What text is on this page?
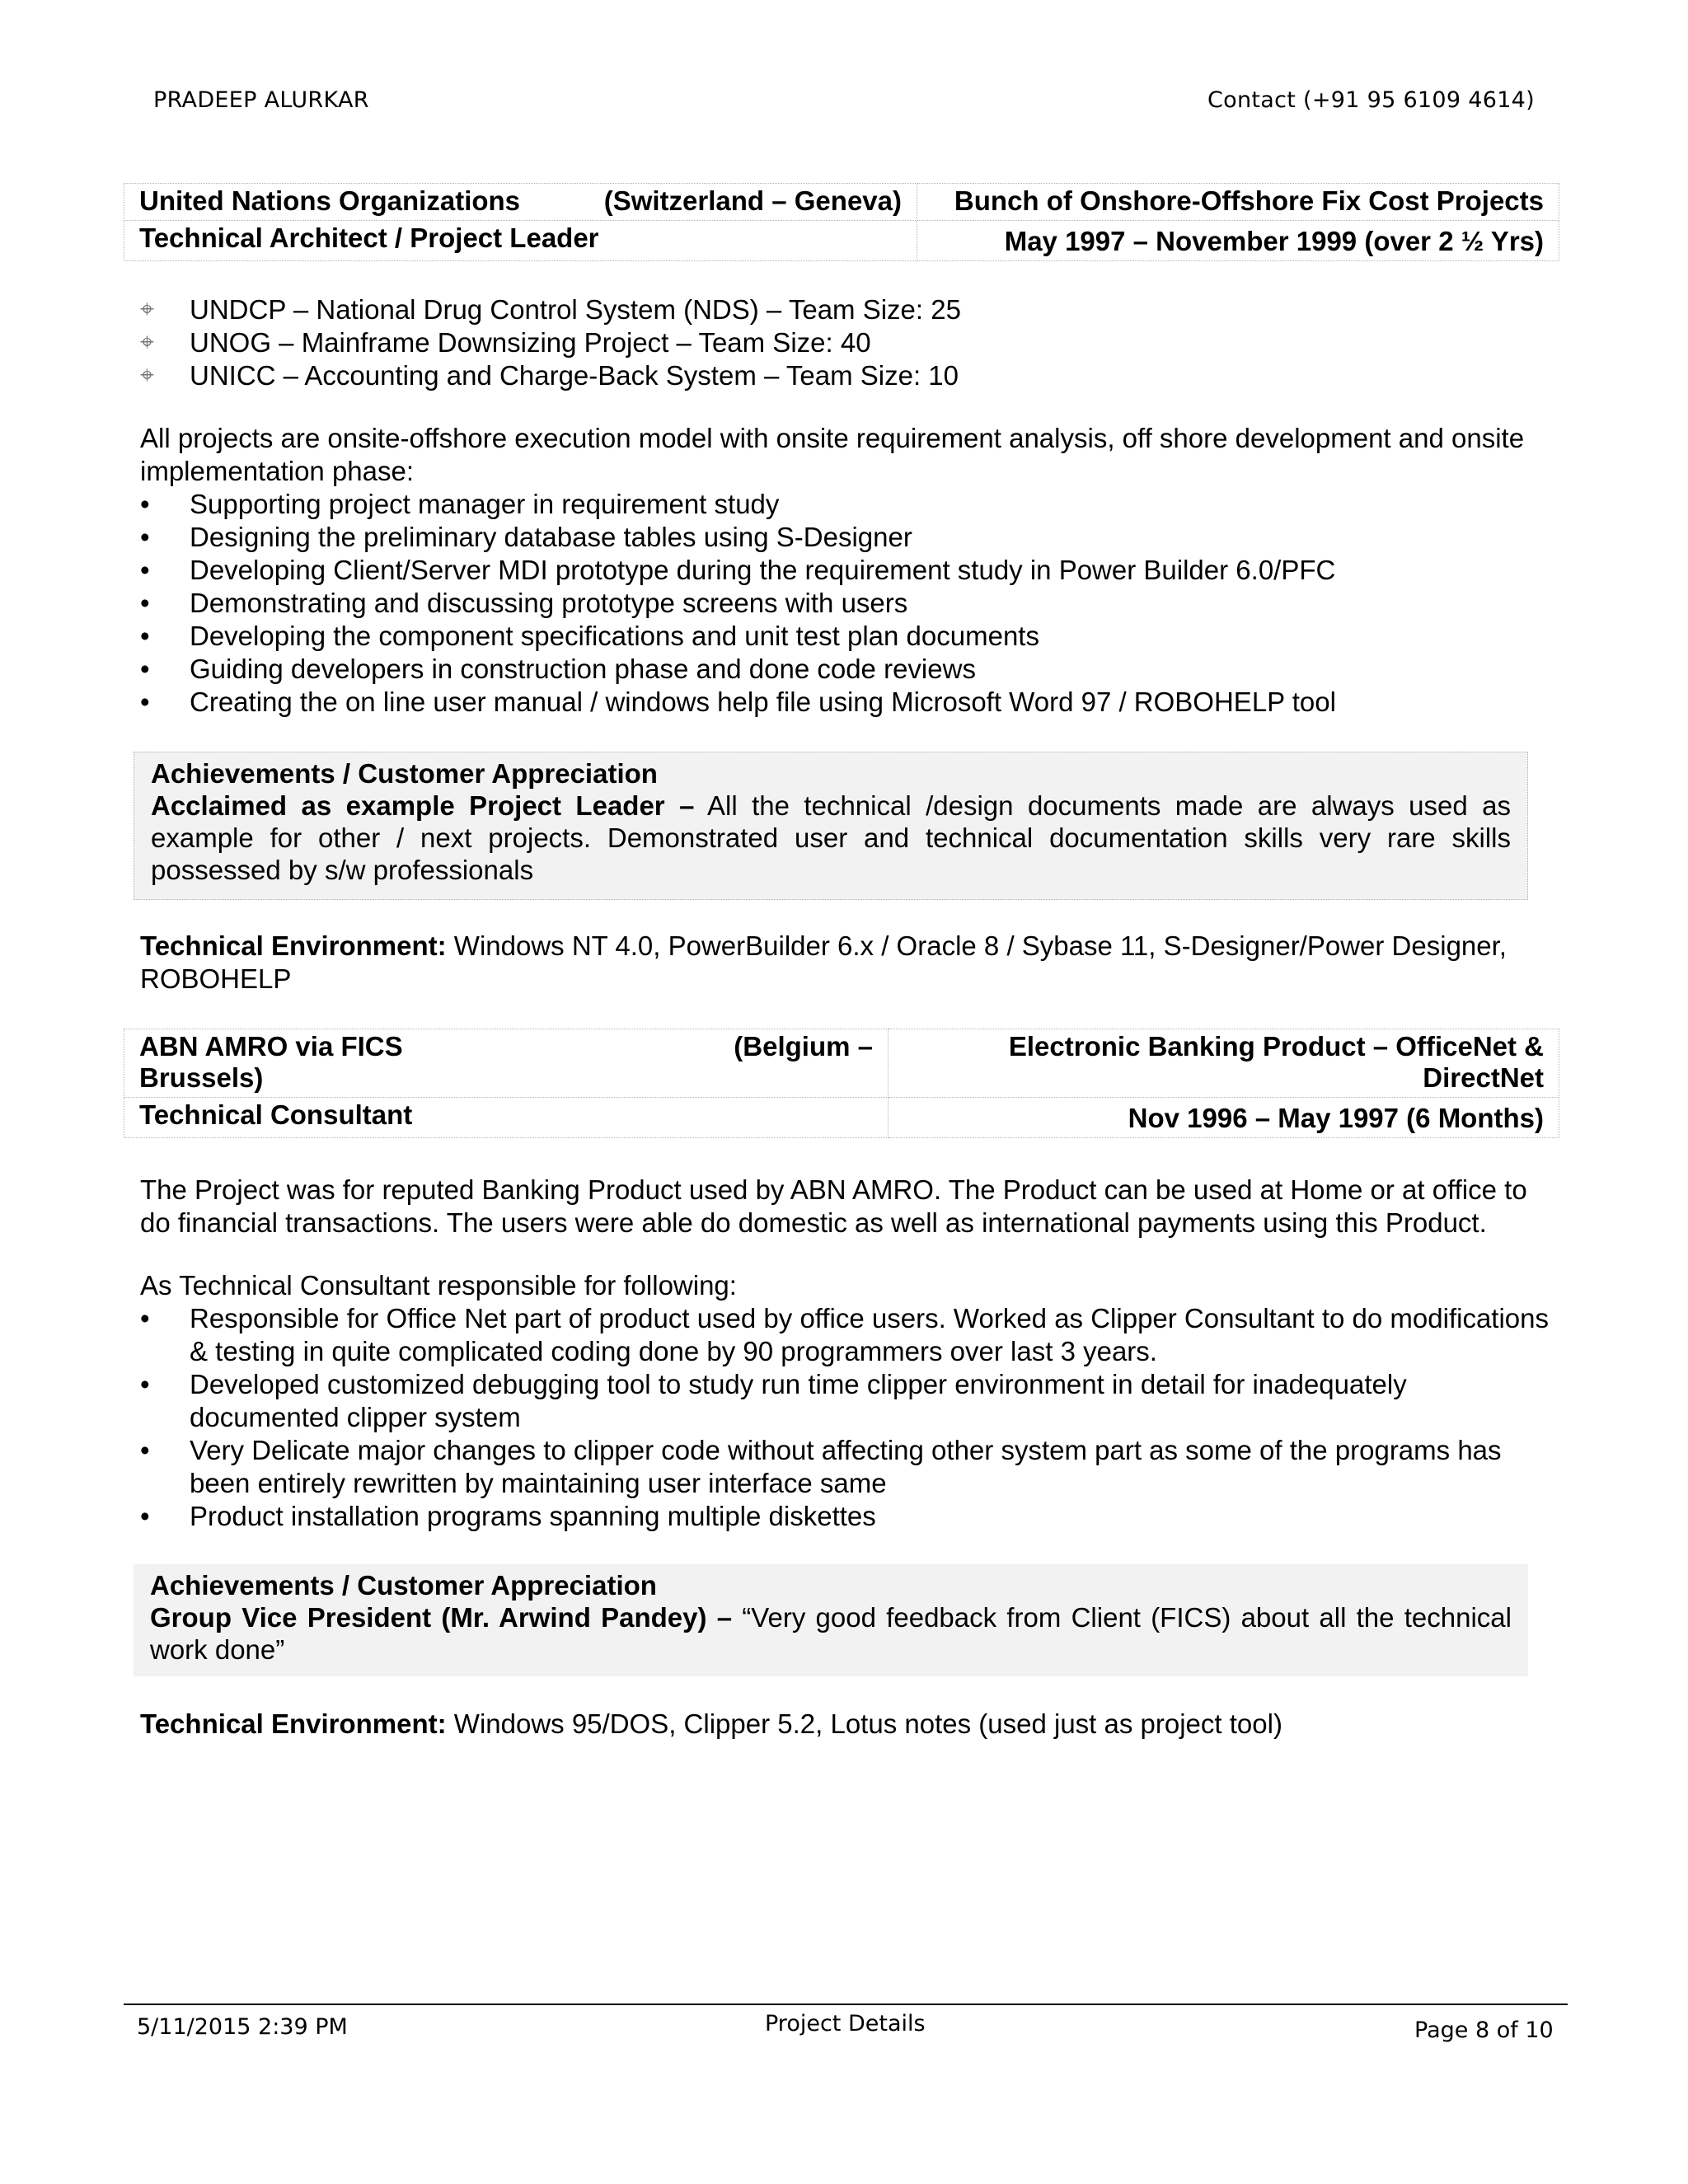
PRADEEP ALURKAR	Contact (+91 95 6109 4614)
United Nations Organizations (Switzerland – Geneva)	Bunch of Onshore-Offshore Fix Cost Projects
Technical Architect / Project Leader	May 1997 – November 1999 (over 2 ½ Yrs)
⌖	UNDCP – National Drug Control System (NDS) – Team Size: 25
⌖	UNOG – Mainframe Downsizing Project – Team Size: 40
⌖	UNICC – Accounting and Charge-Back System – Team Size: 10
All projects are onsite-offshore execution model with onsite requirement analysis, off shore development and onsite implementation phase:
•	Supporting project manager in requirement study
•	Designing the preliminary database tables using S-Designer
•	Developing Client/Server MDI prototype during the requirement study in Power Builder 6.0/PFC
•	Demonstrating and discussing prototype screens with users
•	Developing the component specifications and unit test plan documents
•	Guiding developers in construction phase and done code reviews
•	Creating the on line user manual / windows help file using Microsoft Word 97 / ROBOHELP tool
Achievements / Customer Appreciation
Acclaimed as example Project Leader – All the technical /design documents made are always used as example for other / next projects. Demonstrated user and technical documentation skills very rare skills possessed by s/w professionals
Technical Environment: Windows NT 4.0, PowerBuilder 6.x / Oracle 8 / Sybase 11, S-Designer/Power Designer, ROBOHELP
ABN AMRO via FICS (Belgium –
Brussels)	Electronic Banking Product – OfficeNet & DirectNet

Technical Consultant	Nov 1996 – May 1997 (6 Months)
The Project was for reputed Banking Product used by ABN AMRO. The Product can be used at Home or at office to do financial transactions. The users were able do domestic as well as international payments using this Product.
As Technical Consultant responsible for following:
•	Responsible for Office Net part of product used by office users. Worked as Clipper Consultant to do modifications & testing in quite complicated coding done by 90 programmers over last 3 years.
•	Developed customized debugging tool to study run time clipper environment in detail for inadequately documented clipper system
•	Very Delicate major changes to clipper code without affecting other system part as some of the programs has been entirely rewritten by maintaining user interface same
•	Product installation programs spanning multiple diskettes
Achievements / Customer Appreciation
Group Vice President (Mr. Arwind Pandey) – “Very good feedback from Client (FICS) about all the technical work done”
Technical Environment: Windows 95/DOS, Clipper 5.2, Lotus notes (used just as project tool)
5/11/2015 2:39 PM	Project Details	Page 8 of 10
